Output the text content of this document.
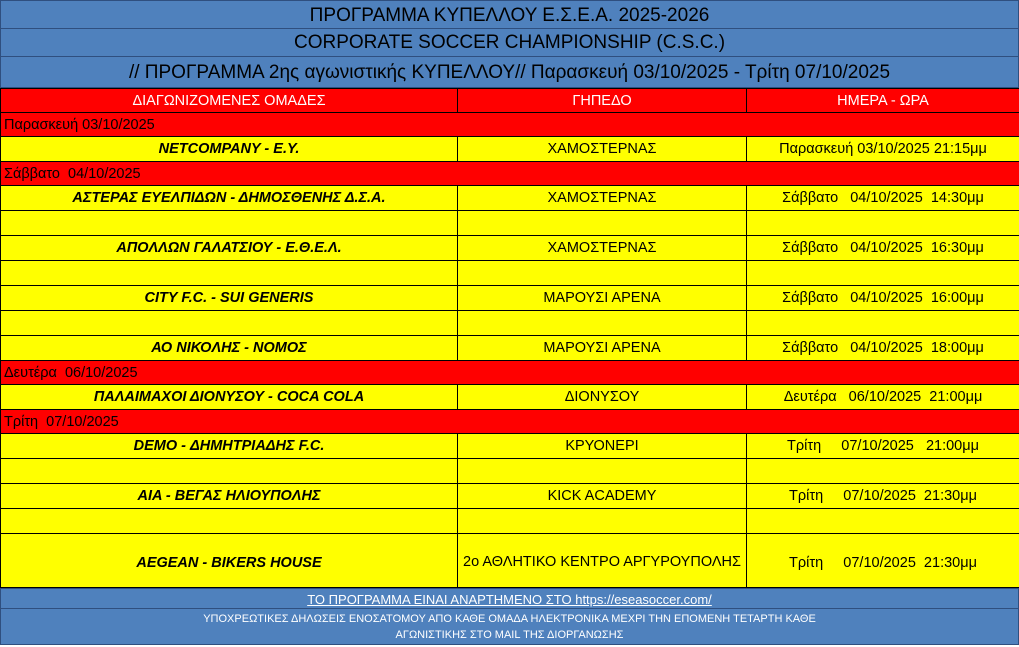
ΠΡΟΓΡΑΜΜΑ ΚΥΠΕΛΛΟΥ Ε.Σ.Ε.Α. 2025-2026
CORPORATE SOCCER CHAMPIONSHIP (C.S.C.)
// ΠΡΟΓΡΑΜΜΑ 2ης αγωνιστικής ΚΥΠΕΛΛΟΥ// Παρασκευή 03/10/2025 - Τρίτη 07/10/2025
ΔΙΑΓΩΝΙΖΟΜΕΝΕΣ ΟΜΑΔΕΣ	ΓΗΠΕΔΟ	ΗΜΕΡΑ - ΩΡΑ
Παρασκευή 03/10/2025		
NETCOMPANY - Ε.Υ.	ΧΑΜΟΣΤΕΡΝΑΣ	Παρασκευή 03/10/2025 21:15μμ
Σάββατο  04/10/2025		
ΑΣΤΕΡΑΣ ΕΥΕΛΠΙΔΩΝ - ΔΗΜΟΣΘΕΝΗΣ Δ.Σ.Α.	ΧΑΜΟΣΤΕΡΝΑΣ	Σάββατο   04/10/2025  14:30μμ

ΑΠΟΛΛΩΝ ΓΑΛΑΤΣΙΟΥ - Ε.Θ.Ε.Λ.	ΧΑΜΟΣΤΕΡΝΑΣ	Σάββατο   04/10/2025  16:30μμ

CITY F.C. - SUI GENERIS	ΜΑΡΟΥΣΙ ΑΡΕΝΑ	Σάββατο   04/10/2025  16:00μμ

ΑΟ ΝΙΚΟΛΗΣ - ΝΟΜΟΣ	ΜΑΡΟΥΣΙ ΑΡΕΝΑ	Σάββατο   04/10/2025  18:00μμ
Δευτέρα  06/10/2025		
ΠΑΛΑΙΜΑΧΟΙ ΔΙΟΝΥΣΟΥ - COCA COLA	ΔΙΟΝΥΣΟΥ	Δευτέρα   06/10/2025  21:00μμ
Τρίτη  07/10/2025		
DEMO - ΔΗΜΗΤΡΙΑΔΗΣ F.C.	ΚΡΥΟΝΕΡΙ	Τρίτη     07/10/2025   21:00μμ

AIA - ΒΕΓΑΣ ΗΛΙΟΥΠΟΛΗΣ	KICK ACADEMY	Τρίτη     07/10/2025  21:30μμ

AEGEAN - BIKERS HOUSE	2ο ΑΘΛΗΤΙΚΟ ΚΕΝΤΡΟ ΑΡΓΥΡΟΥΠΟΛΗΣ	Τρίτη     07/10/2025  21:30μμ
ΤΟ ΠΡΟΓΡΑΜΜΑ ΕΙΝΑΙ ΑΝΑΡΤΗΜΕΝΟ ΣΤΟ https://eseasoccer.com/
ΥΠΟΧΡΕΩΤΙΚΕΣ ΔΗΛΩΣΕΙΣ ΕΝΟΣΑΤΟΜΟΥ ΑΠΟ ΚΑΘΕ ΟΜΑΔΑ ΗΛΕΚΤΡΟΝΙΚΑ ΜΕΧΡΙ ΤΗΝ ΕΠΟΜΕΝΗ ΤΕΤΑΡΤΗ ΚΑΘΕ
ΑΓΩΝΙΣΤΙΚΗΣ ΣΤΟ MAIL ΤΗΣ ΔΙΟΡΓΑΝΩΣΗΣ
